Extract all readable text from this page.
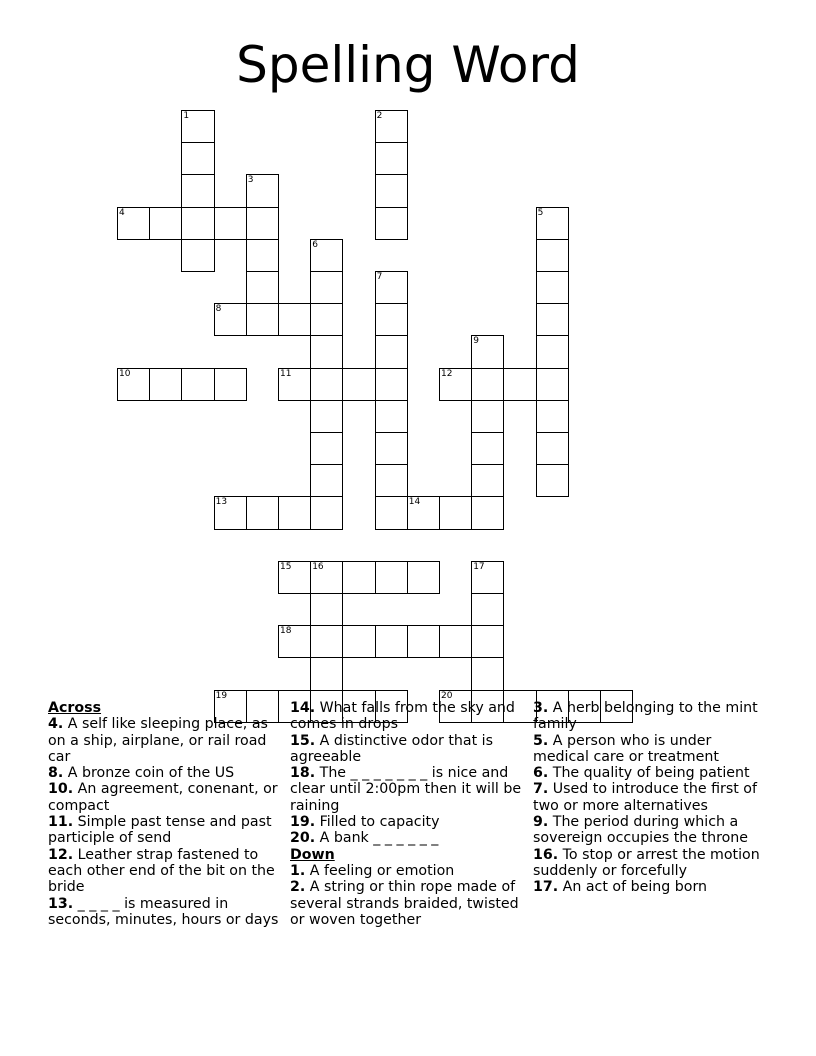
Spelling Word
1	2
3
4	5
6
7
8
9
10	11	12
13	14
15 16	17
18
19	20

Across

4. A self like sleeping place, as on a ship, airplane, or rail road car

8. A bronze coin of the US

10. An agreement, conenant, or compact

11. Simple past tense and past participle of send

12. Leather strap fastened to each other end of the bit on the bride

13. _ _ _ _ is measured in seconds, minutes, hours or days

14. What falls from the sky and comes in drops

15. A distinctive odor that is agreeable

18. The _ _ _ _ _ _ _ is nice and clear until 2:00pm then it will be raining

19. Filled to capacity

20. A bank _ _ _ _ _ _

Down

1. A feeling or emotion

2. A string or thin rope made of several strands braided, twisted or woven together

3. A herb belonging to the mint family

5. A person who is under medical care or treatment

6. The quality of being patient

7. Used to introduce the first of two or more alternatives

9. The period during which a sovereign occupies the throne

16. To stop or arrest the motion suddenly or forcefully

17. An act of being born
